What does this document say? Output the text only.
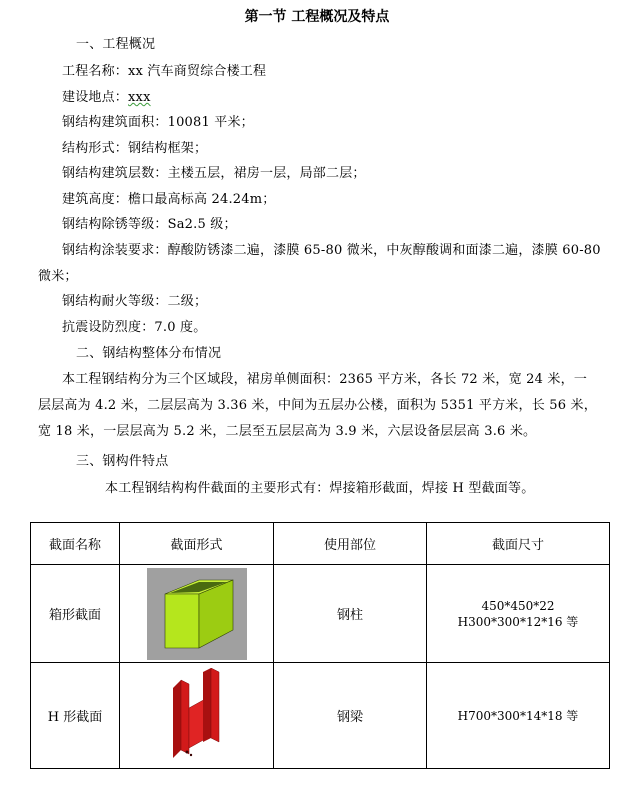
第一节 工程概况及特点
一、工程概况
工程名称：xx 汽车商贸综合楼工程
建设地点：xxx
钢结构建筑面积：10081 平米；
结构形式：钢结构框架；
钢结构建筑层数：主楼五层，裙房一层，局部二层；
建筑高度：檐口最高标高 24.24m；
钢结构除锈等级：Sa2.5 级；
钢结构涂装要求：醇酸防锈漆二遍，漆膜 65-80 微米，中灰醇酸调和面漆二遍，漆膜 60-80
微米；
钢结构耐火等级：二级；
抗震设防烈度：7.0 度。
二、钢结构整体分布情况
本工程钢结构分为三个区域段，裙房单侧面积：2365 平方米，各长 72 米，宽 24 米，一
层层高为 4.2 米，二层层高为 3.36 米，中间为五层办公楼，面积为 5351 平方米，长 56 米，
宽 18 米，一层层高为 5.2 米，二层至五层层高为 3.9 米，六层设备层层高 3.6 米。
三、钢构件特点
本工程钢结构构件截面的主要形式有：焊接箱形截面，焊接 H 型截面等。
截面名称	截面形式	使用部位	截面尺寸
箱形截面		钢柱	450*450*22
H300*300*12*16 等

H 形截面		钢梁	H700*300*14*18 等
